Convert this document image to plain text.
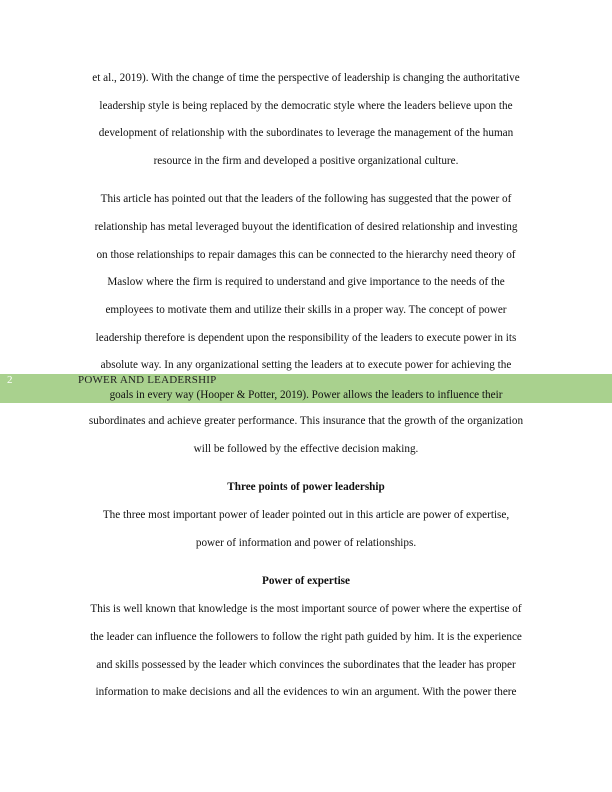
2	POWER AND LEADERSHIP
et al., 2019). With the change of time the perspective of leadership is changing the authoritative
leadership style is being replaced by the democratic style where the leaders believe upon the
development of relationship with the subordinates to leverage the management of the human
resource in the firm and developed a positive organizational culture.
This article has pointed out that the leaders of the following has suggested that the power of
relationship has metal leveraged buyout the identification of desired relationship and investing
on those relationships to repair damages this can be connected to the hierarchy need theory of
Maslow where the firm is required to understand and give importance to the needs of the
employees to motivate them and utilize their skills in a proper way. The concept of power
leadership therefore is dependent upon the responsibility of the leaders to execute power in its
absolute way. In any organizational setting the leaders at to execute power for achieving the
goals in every way (Hooper & Potter, 2019). Power allows the leaders to influence their
subordinates and achieve greater performance. This insurance that the growth of the organization
will be followed by the effective decision making.
Three points of power leadership
The three most important power of leader pointed out in this article are power of expertise,
power of information and power of relationships.
Power of expertise
This is well known that knowledge is the most important source of power where the expertise of
the leader can influence the followers to follow the right path guided by him. It is the experience
and skills possessed by the leader which convinces the subordinates that the leader has proper
information to make decisions and all the evidences to win an argument. With the power there
